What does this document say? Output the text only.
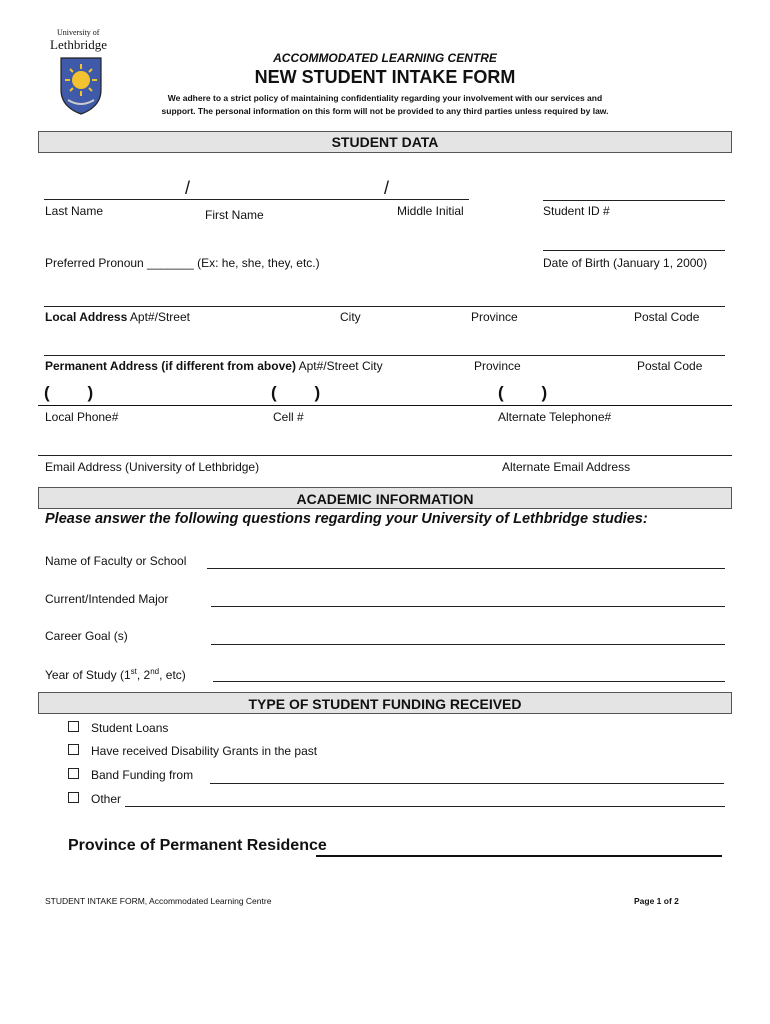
University of
Lethbridge
ACCOMMODATED LEARNING CENTRE
NEW STUDENT INTAKE FORM
We adhere to a strict policy of maintaining confidentiality regarding your involvement with our services and
support. The personal information on this form will not be provided to any third parties unless required by law.
STUDENT DATA
/	/
Last Name	First Name	Middle Initial	Student ID #
Preferred Pronoun _______ (Ex: he, she, they, etc.)	Date of Birth (January 1, 2000)
Local Address Apt#/Street	City	Province	Postal Code
Permanent Address (if different from above) Apt#/Street City	Province	Postal Code
(        )	(        )	(        )
Local Phone#	Cell #	Alternate Telephone#
Email Address (University of Lethbridge)	Alternate Email Address
ACADEMIC INFORMATION
Please answer the following questions regarding your University of Lethbridge studies:
Name of Faculty or School
Current/Intended Major
Career Goal (s)
Year of Study (1st, 2nd, etc)
TYPE OF STUDENT FUNDING RECEIVED
Student Loans
Have received Disability Grants in the past
Band Funding from
Other
Province of Permanent Residence
STUDENT INTAKE FORM, Accommodated Learning Centre	Page 1 of 2
